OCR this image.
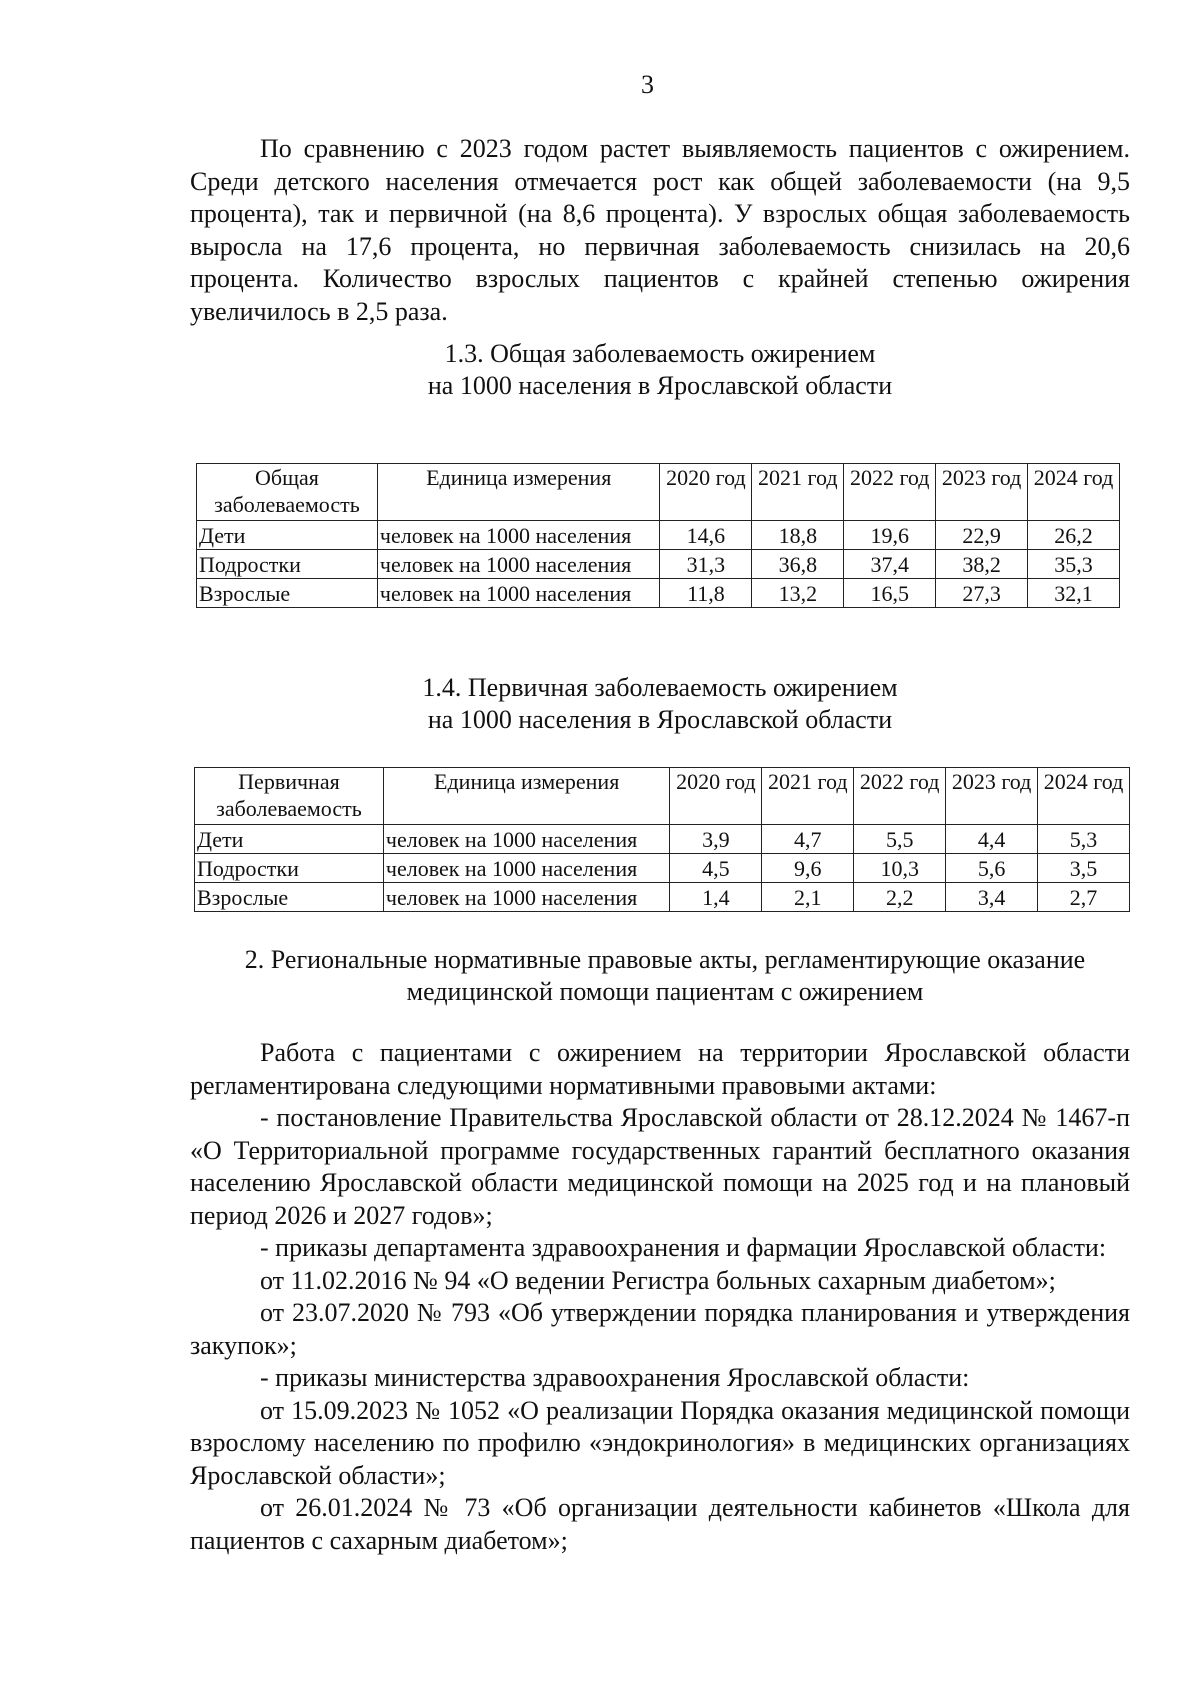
3

По сравнению с 2023 годом растет выявляемость пациентов с ожирением. Среди детского населения отмечается рост как общей заболеваемости (на 9,5 процента), так и первичной (на 8,6 процента). У взрослых общая заболеваемость выросла на 17,6 процента, но первичная заболеваемость снизилась на 20,6 процента. Количество взрослых пациентов с крайней степенью ожирения увеличилось в 2,5 раза.

1.3. Общая заболеваемость ожирением
на 1000 населения в Ярославской области
Общая заболеваемость	Единица измерения	2020 год	2021 год	2022 год	2023 год	2024 год
Дети	человек на 1000 населения	14,6	18,8	19,6	22,9	26,2
Подростки	человек на 1000 населения	31,3	36,8	37,4	38,2	35,3
Взрослые	человек на 1000 населения	11,8	13,2	16,5	27,3	32,1
1.4. Первичная заболеваемость ожирением
на 1000 населения в Ярославской области
Первичная заболеваемость	Единица измерения	2020 год	2021 год	2022 год	2023 год	2024 год
Дети	человек на 1000 населения	3,9	4,7	5,5	4,4	5,3
Подростки	человек на 1000 населения	4,5	9,6	10,3	5,6	3,5
Взрослые	человек на 1000 населения	1,4	2,1	2,2	3,4	2,7
2. Региональные нормативные правовые акты, регламентирующие оказание
медицинской помощи пациентам с ожирением

Работа с пациентами с ожирением на территории Ярославской области регламентирована следующими нормативными правовыми актами:

- постановление Правительства Ярославской области от 28.12.2024 № 1467-п «О Территориальной программе государственных гарантий бесплатного оказания населению Ярославской области медицинской помощи на 2025 год и на плановый период 2026 и 2027 годов»;

- приказы департамента здравоохранения и фармации Ярославской области:

от 11.02.2016 № 94 «О ведении Регистра больных сахарным диабетом»;

от 23.07.2020 № 793 «Об утверждении порядка планирования и утверждения закупок»;

- приказы министерства здравоохранения Ярославской области:

от 15.09.2023 № 1052 «О реализации Порядка оказания медицинской помощи взрослому населению по профилю «эндокринология» в медицинских организациях Ярославской области»;

от 26.01.2024 № 73 «Об организации деятельности кабинетов «Школа для пациентов с сахарным диабетом»;
